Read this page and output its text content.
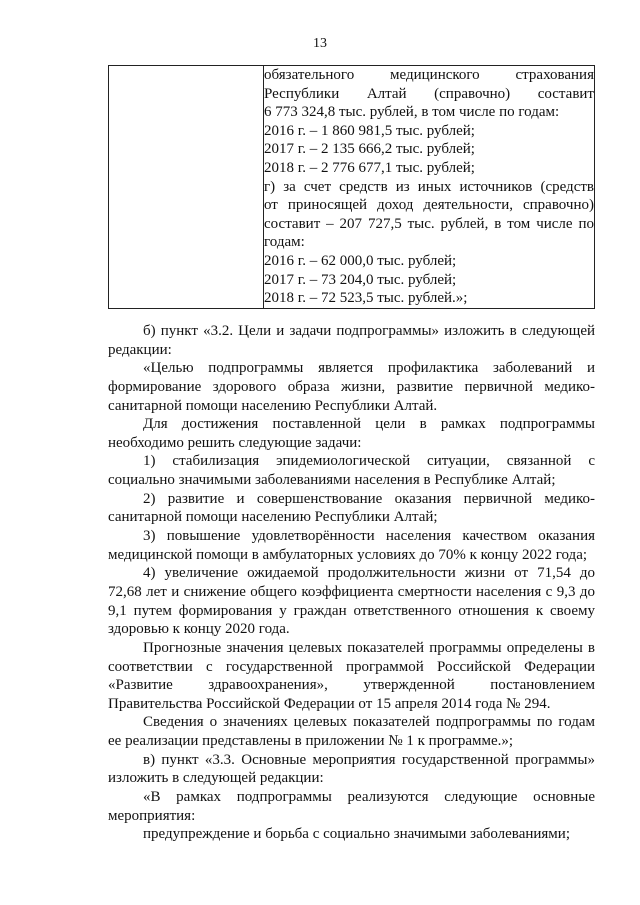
13

обязательного медицинского страхования
Республики Алтай (справочно) составит
6 773 324,8 тыс. рублей, в том числе по годам:
2016 г. – 1 860 981,5 тыс. рублей;
2017 г. – 2 135 666,2 тыс. рублей;
2018 г. – 2 776 677,1 тыс. рублей;
г) за счет средств из иных источников (средств
от приносящей доход деятельности, справочно)
составит – 207 727,5 тыс. рублей, в том числе по
годам:
2016 г. – 62 000,0 тыс. рублей;
2017 г. – 73 204,0 тыс. рублей;
2018 г. – 72 523,5 тыс. рублей.»;
б) пункт «3.2. Цели и задачи подпрограммы» изложить в следующей
редакции:
«Целью подпрограммы является профилактика заболеваний и
формирование здорового образа жизни, развитие первичной медико-
санитарной помощи населению Республики Алтай.
Для достижения поставленной цели в рамках подпрограммы
необходимо решить следующие задачи:
1) стабилизация эпидемиологической ситуации, связанной с
социально значимыми заболеваниями населения в Республике Алтай;
2) развитие и совершенствование оказания первичной медико-
санитарной помощи населению Республики Алтай;
3) повышение удовлетворённости населения качеством оказания
медицинской помощи в амбулаторных условиях до 70% к концу 2022 года;
4) увеличение ожидаемой продолжительности жизни от 71,54 до
72,68 лет и снижение общего коэффициента смертности населения с 9,3 до
9,1 путем формирования у граждан ответственного отношения к своему
здоровью к концу 2020 года.
Прогнозные значения целевых показателей программы определены в
соответствии с государственной программой Российской Федерации
«Развитие здравоохранения», утвержденной постановлением
Правительства Российской Федерации от 15 апреля 2014 года № 294.
Сведения о значениях целевых показателей подпрограммы по годам
ее реализации представлены в приложении № 1 к программе.»;
в) пункт «3.3. Основные мероприятия государственной программы»
изложить в следующей редакции:
«В рамках подпрограммы реализуются следующие основные
мероприятия:
предупреждение и борьба с социально значимыми заболеваниями;
